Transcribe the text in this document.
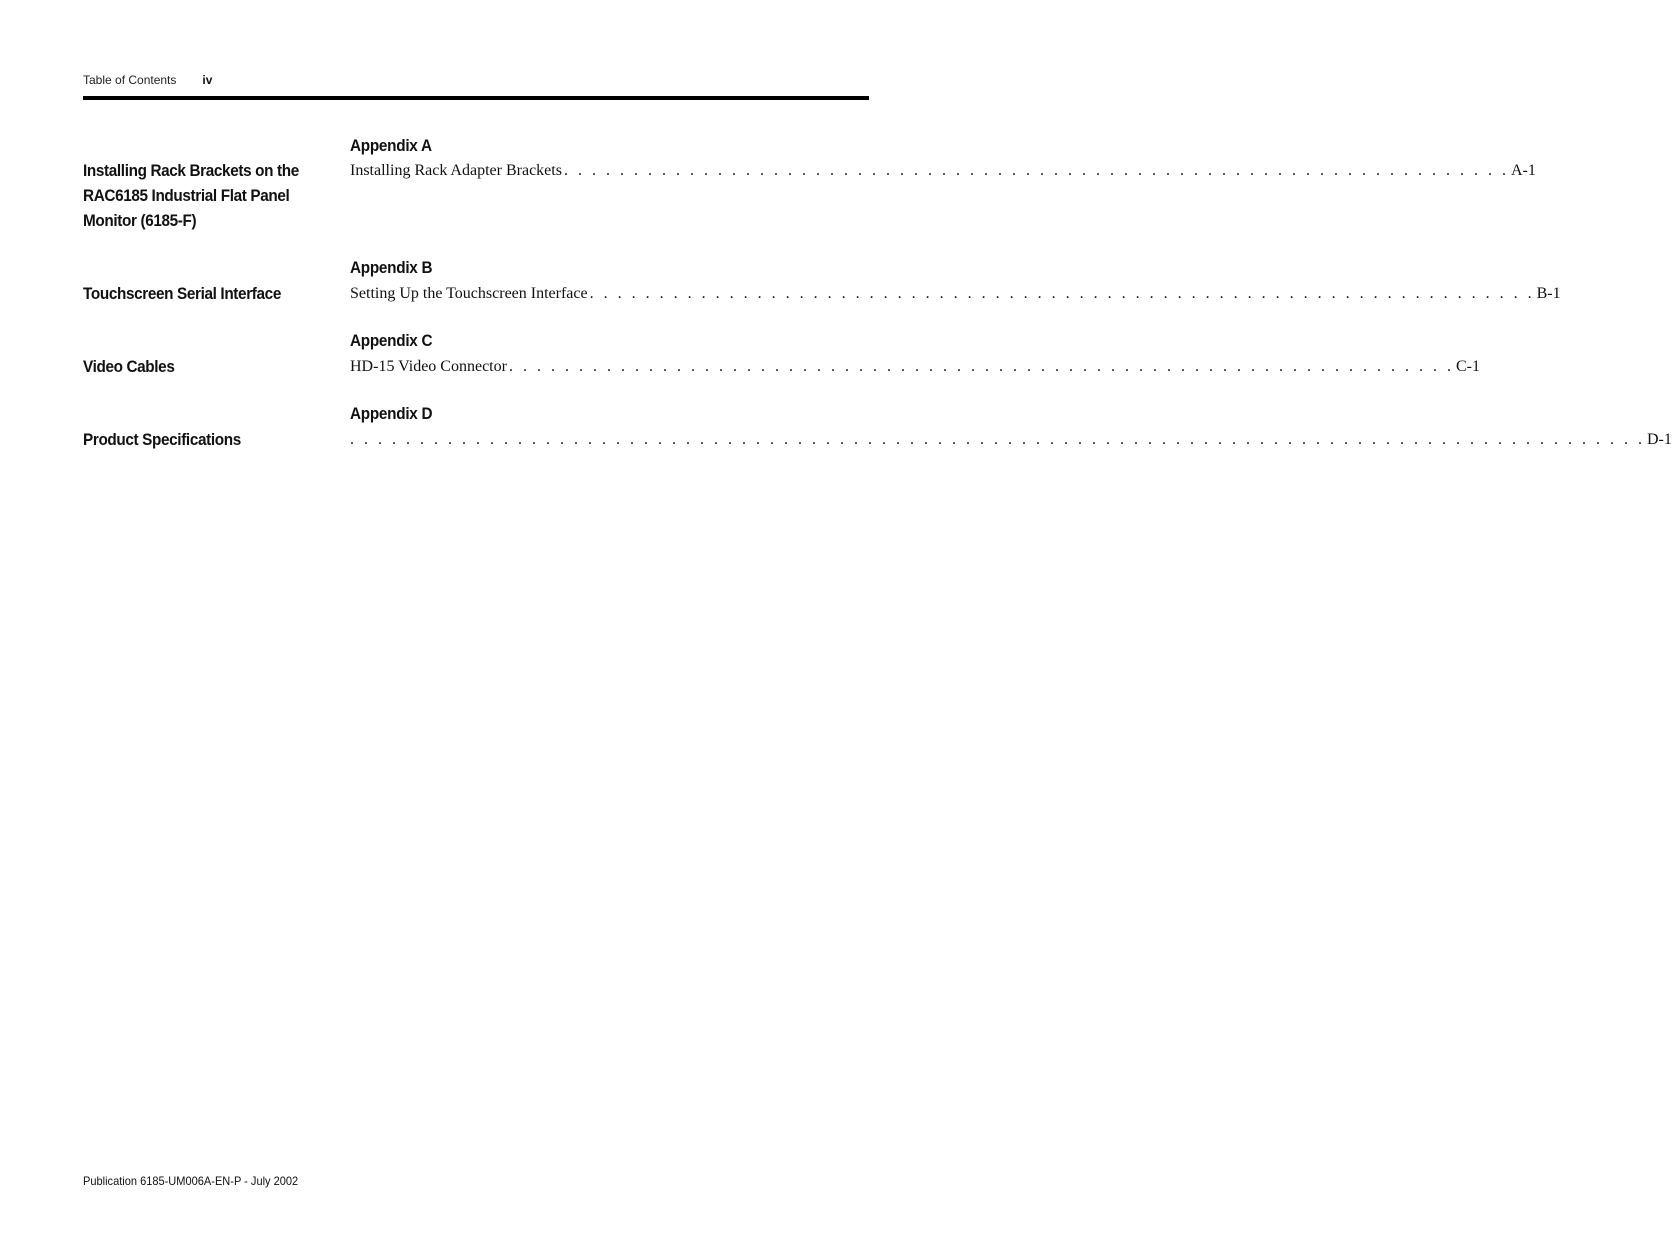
Table of Contents iv
Installing Rack Brackets on the RAC6185 Industrial Flat Panel Monitor (6185-F)
Appendix A
Installing Rack Adapter Brackets . . . . . . . . . . . . . . . . . . . . . . . . . . . . . . . . . . . . . . . . . . . . . . . . . . . . . . . . . . . . . . . . . . . . A-1
Touchscreen Serial Interface
Appendix B
Setting Up the Touchscreen Interface . . . . . . . . . . . . . . . . . . . . . . . . . . . . . . . . . . . . . . . . . . . . . . . . . . . . . . . . . . . . . . . . . . . . B-1
Video Cables
Appendix C
HD-15 Video Connector . . . . . . . . . . . . . . . . . . . . . . . . . . . . . . . . . . . . . . . . . . . . . . . . . . . . . . . . . . . . . . . . . . . . C-1
Product Specifications
Appendix D
. . . . . . . . . . . . . . . . . . . . . . . . . . . . . . . . . . . . . . . . . . . . . . . . . . . . . . . . . . . . . . . . . . . . . . . . . . . . . . . . . . . . . . . . . . . . . D-1
Publication 6185-UM006A-EN-P - July 2002
